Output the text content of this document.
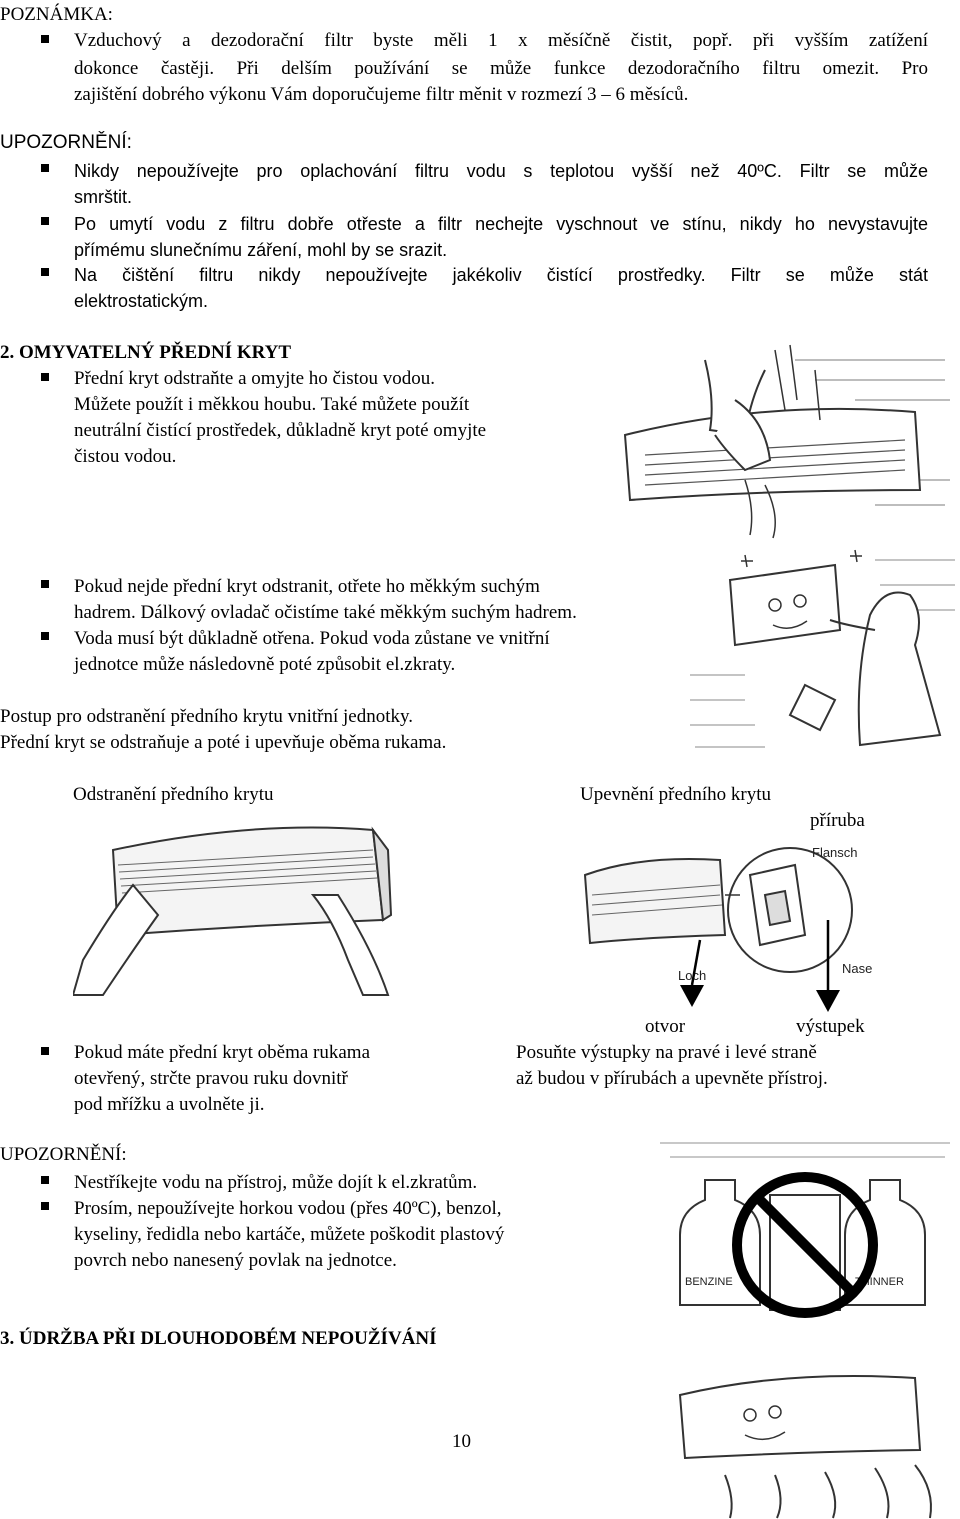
POZNÁMKA:
Vzduchový a dezodorační filtr byste měli 1 x měsíčně čistit, popř. při vyšším zatížení
dokonce častěji. Při delším používání se může funkce dezodoračního filtru omezit. Pro
zajištění dobrého výkonu Vám doporučujeme filtr měnit v rozmezí 3 – 6 měsíců.
UPOZORNĚNÍ:
Nikdy nepoužívejte pro oplachování filtru vodu s teplotou vyšší než 40ºC. Filtr se může
smrštit.
Po umytí vodu z filtru dobře otřeste a filtr nechejte vyschnout ve stínu, nikdy ho nevystavujte
přímému slunečnímu záření, mohl by se srazit.
Na čištění filtru nikdy nepoužívejte jakékoliv čistící prostředky. Filtr se může stát
elektrostatickým.
2. OMYVATELNÝ PŘEDNÍ KRYT
Přední kryt odstraňte a omyjte ho čistou vodou.
Můžete použít i měkkou houbu. Také můžete použít
neutrální čistící prostředek, důkladně kryt poté omyjte
čistou vodou.
Pokud nejde přední kryt odstranit, otřete ho měkkým suchým
hadrem. Dálkový ovladač očistíme také měkkým suchým hadrem.
Voda musí být důkladně otřena. Pokud voda zůstane ve vnitřní
jednotce může následovně poté způsobit el.zkraty.
Postup pro odstranění předního krytu vnitřní jednotky.
Přední kryt se odstraňuje a poté i upevňuje oběma rukama.
Odstranění předního krytu	Upevnění předního krytu
příruba
Flansch
Loch	Nase
otvor	výstupek
Pokud máte přední kryt oběma rukama
otevřený, strčte pravou ruku dovnitř
pod mřížku a uvolněte ji.
Posuňte výstupky na pravé i levé straně
až budou v přírubách a upevněte přístroj.
UPOZORNĚNÍ:
Nestříkejte vodu na přístroj, může dojít k el.zkratům.
Prosím, nepoužívejte horkou vodou (přes 40ºC), benzol,
kyseliny, ředidla nebo kartáče, můžete poškodit plastový
povrch nebo nanesený povlak na jednotce.
BENZINE	THINNER
3. ÚDRŽBA PŘI DLOUHODOBÉM NEPOUŽÍVÁNÍ
10
